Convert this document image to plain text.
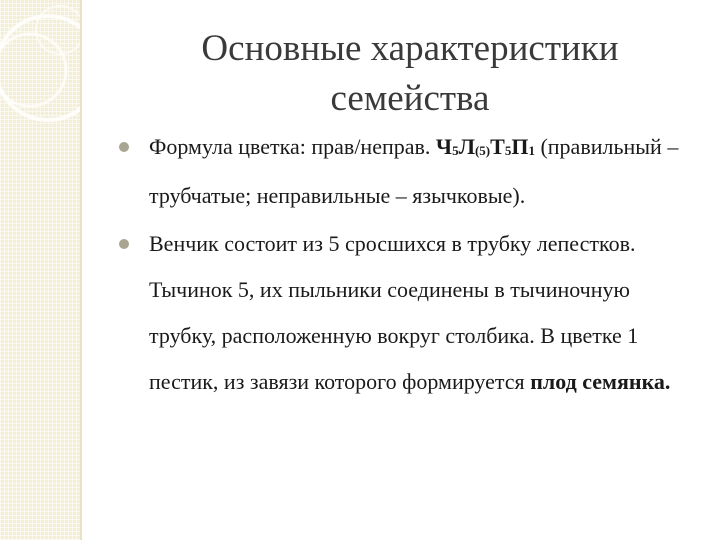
Основные характеристики
семейства
Формула цветка: прав/неправ. $Ч_5Л_{(5)}Т_5П_1$ (правильный – трубчатые; неправильные – язычковые).
Венчик состоит из 5 сросшихся в трубку лепестков. Тычинок 5, их пыльники соединены в тычиночную трубку, расположенную вокруг столбика. В цветке 1 пестик, из завязи которого формируется плод семянка.
